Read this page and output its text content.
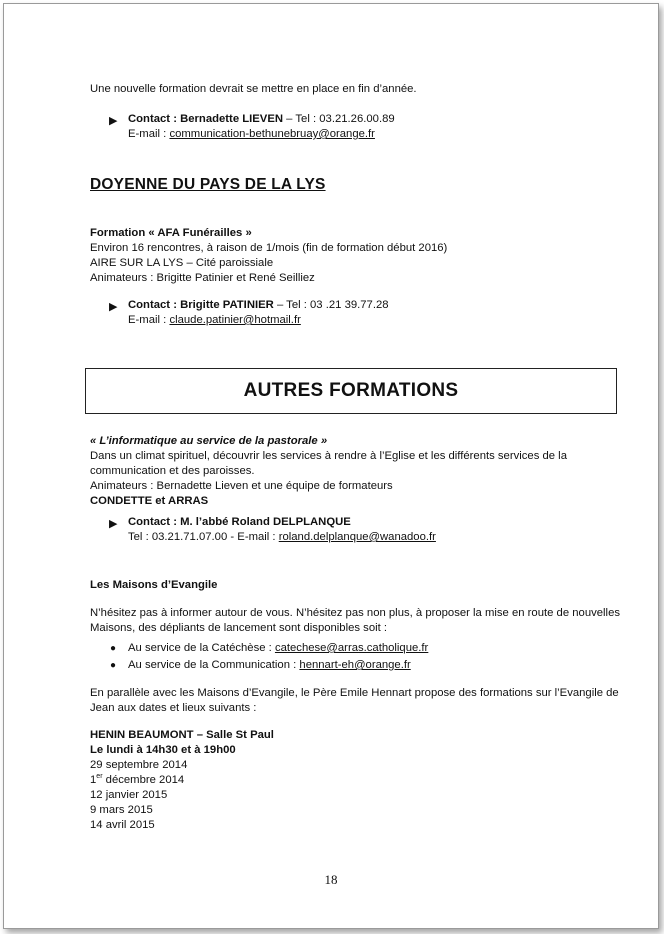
Une nouvelle formation devrait se mettre en place en fin d’année.
▶ Contact : Bernadette LIEVEN – Tel : 03.21.26.00.89
E-mail : communication-bethunebruay@orange.fr
DOYENNE DU PAYS DE LA LYS
Formation « AFA Funérailles »
Environ 16 rencontres, à raison de 1/mois (fin de formation début 2016)
AIRE SUR LA LYS – Cité paroissiale
Animateurs : Brigitte Patinier et René Seilliez
▶ Contact : Brigitte PATINIER – Tel : 03 .21 39.77.28
E-mail : claude.patinier@hotmail.fr
AUTRES FORMATIONS
« L’informatique au service de la pastorale »
Dans un climat spirituel, découvrir les services à rendre à l’Eglise et les différents services de la
communication et des paroisses.
Animateurs : Bernadette Lieven et une équipe de formateurs
CONDETTE et ARRAS
▶ Contact : M. l’abbé Roland DELPLANQUE
Tel : 03.21.71.07.00 - E-mail : roland.delplanque@wanadoo.fr
Les Maisons d’Evangile
N’hésitez pas à informer autour de vous. N’hésitez pas non plus, à proposer la mise en route de nouvelles
Maisons, des dépliants de lancement sont disponibles soit :
● Au service de la Catéchèse : catechese@arras.catholique.fr
● Au service de la Communication : hennart-eh@orange.fr
En parallèle avec les Maisons d’Evangile, le Père Emile Hennart propose des formations sur l’Evangile de
Jean aux dates et lieux suivants :
HENIN BEAUMONT – Salle St Paul
Le lundi à 14h30 et à 19h00
29 septembre 2014
1er décembre 2014
12 janvier 2015
9 mars 2015
14 avril 2015
18
